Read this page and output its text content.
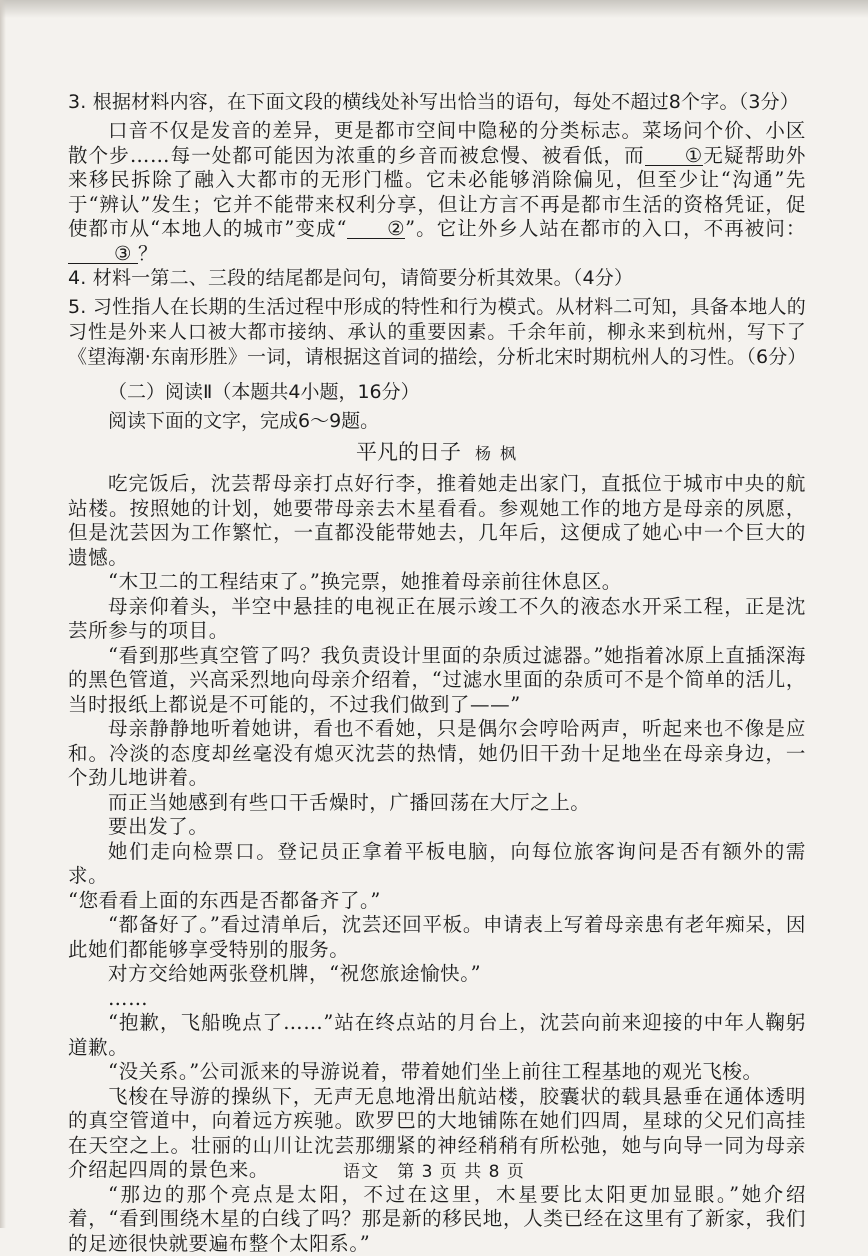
3. 根据材料内容，在下面文段的横线处补写出恰当的语句，每处不超过8个字。（3分）

口音不仅是发音的差异，更是都市空间中隐秘的分类标志。菜场问个价、小区散个步……每一处都可能因为浓重的乡音而被怠慢、被看低，而 ①无疑帮助外来移民拆除了融入大都市的无形门槛。它未必能够消除偏见，但至少让“沟通”先于“辨认”发生；它并不能带来权利分享，但让方言不再是都市生活的资格凭证，促使都市从“本地人的城市”变成“ ②”。它让外乡人站在都市的入口，不再被问：③ ？

4. 材料一第二、三段的结尾都是问句，请简要分析其效果。（4分）

5. 习性指人在长期的生活过程中形成的特性和行为模式。从材料二可知，具备本地人的习性是外来人口被大都市接纳、承认的重要因素。千余年前，柳永来到杭州，写下了《望海潮·东南形胜》一词，请根据这首词的描绘，分析北宋时期杭州人的习性。（6分）

（二）阅读Ⅱ（本题共4小题，16分）

阅读下面的文字，完成6～9题。

平凡的日子 杨 枫

吃完饭后，沈芸帮母亲打点好行李，推着她走出家门，直抵位于城市中央的航站楼。按照她的计划，她要带母亲去木星看看。参观她工作的地方是母亲的夙愿，但是沈芸因为工作繁忙，一直都没能带她去，几年后，这便成了她心中一个巨大的遗憾。

“木卫二的工程结束了。”换完票，她推着母亲前往休息区。

母亲仰着头，半空中悬挂的电视正在展示竣工不久的液态水开采工程，正是沈芸所参与的项目。

“看到那些真空管了吗？我负责设计里面的杂质过滤器。”她指着冰原上直插深海的黑色管道，兴高采烈地向母亲介绍着，“过滤水里面的杂质可不是个简单的活儿，当时报纸上都说是不可能的，不过我们做到了——”

母亲静静地听着她讲，看也不看她，只是偶尔会哼哈两声，听起来也不像是应和。冷淡的态度却丝毫没有熄灭沈芸的热情，她仍旧干劲十足地坐在母亲身边，一个劲儿地讲着。

而正当她感到有些口干舌燥时，广播回荡在大厅之上。

要出发了。

她们走向检票口。登记员正拿着平板电脑，向每位旅客询问是否有额外的需求。

“您看看上面的东西是否都备齐了。”

“都备好了。”看过清单后，沈芸还回平板。申请表上写着母亲患有老年痴呆，因此她们都能够享受特别的服务。

对方交给她两张登机牌，“祝您旅途愉快。”

……

“抱歉，飞船晚点了……”站在终点站的月台上，沈芸向前来迎接的中年人鞠躬道歉。

“没关系。”公司派来的导游说着，带着她们坐上前往工程基地的观光飞梭。

飞梭在导游的操纵下，无声无息地滑出航站楼，胶囊状的载具悬垂在通体透明的真空管道中，向着远方疾驰。欧罗巴的大地铺陈在她们四周，星球的父兄们高挂在天空之上。壮丽的山川让沈芸那绷紧的神经稍稍有所松弛，她与向导一同为母亲介绍起四周的景色来。

“那边的那个亮点是太阳，不过在这里，木星要比太阳更加显眼。”她介绍着，“看到围绕木星的白线了吗？那是新的移民地，人类已经在这里有了新家，我们的足迹很快就要遍布整个太阳系。”

语文　第 3 页 共 8 页
